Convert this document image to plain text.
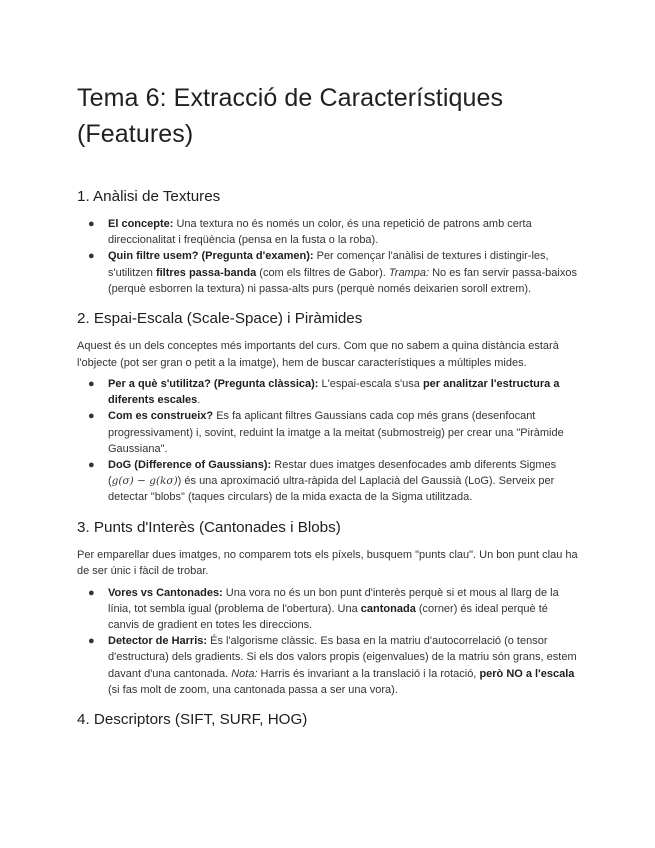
Tema 6: Extracció de Característiques (Features)
1. Anàlisi de Textures
● El concepte: Una textura no és només un color, és una repetició de patrons amb certa direccionalitat i freqüència (pensa en la fusta o la roba).
● Quin filtre usem? (Pregunta d'examen): Per començar l'anàlisi de textures i distingir-les, s'utilitzen filtres passa-banda (com els filtres de Gabor). Trampa: No es fan servir passa-baixos (perquè esborren la textura) ni passa-alts purs (perquè només deixarien soroll extrem).
2. Espai-Escala (Scale-Space) i Piràmides

Aquest és un dels conceptes més importants del curs. Com que no sabem a quina distància estarà l'objecte (pot ser gran o petit a la imatge), hem de buscar característiques a múltiples mides.

● Per a què s'utilitza? (Pregunta clàssica): L'espai-escala s'usa per analitzar l'estructura a diferents escales.
● Com es construeix? Es fa aplicant filtres Gaussians cada cop més grans (desenfocant progressivament) i, sovint, reduint la imatge a la meitat (submostreig) per crear una "Piràmide Gaussiana".
● DoG (Difference of Gaussians): Restar dues imatges desenfocades amb diferents Sigmes (g(σ) − g(kσ)) és una aproximació ultra-ràpida del Laplacià del Gaussià (LoG). Serveix per detectar "blobs" (taques circulars) de la mida exacta de la Sigma utilitzada.
3. Punts d'Interès (Cantonades i Blobs)

Per emparellar dues imatges, no comparem tots els píxels, busquem "punts clau". Un bon punt clau ha de ser únic i fàcil de trobar.

● Vores vs Cantonades: Una vora no és un bon punt d'interès perquè si et mous al llarg de la línia, tot sembla igual (problema de l'obertura). Una cantonada (corner) és ideal perquè té canvis de gradient en totes les direccions.
● Detector de Harris: És l'algorisme clàssic. Es basa en la matriu d'autocorrelació (o tensor d'estructura) dels gradients. Si els dos valors propis (eigenvalues) de la matriu són grans, estem davant d'una cantonada. Nota: Harris és invariant a la translació i la rotació, però NO a l'escala (si fas molt de zoom, una cantonada passa a ser una vora).
4. Descriptors (SIFT, SURF, HOG)
